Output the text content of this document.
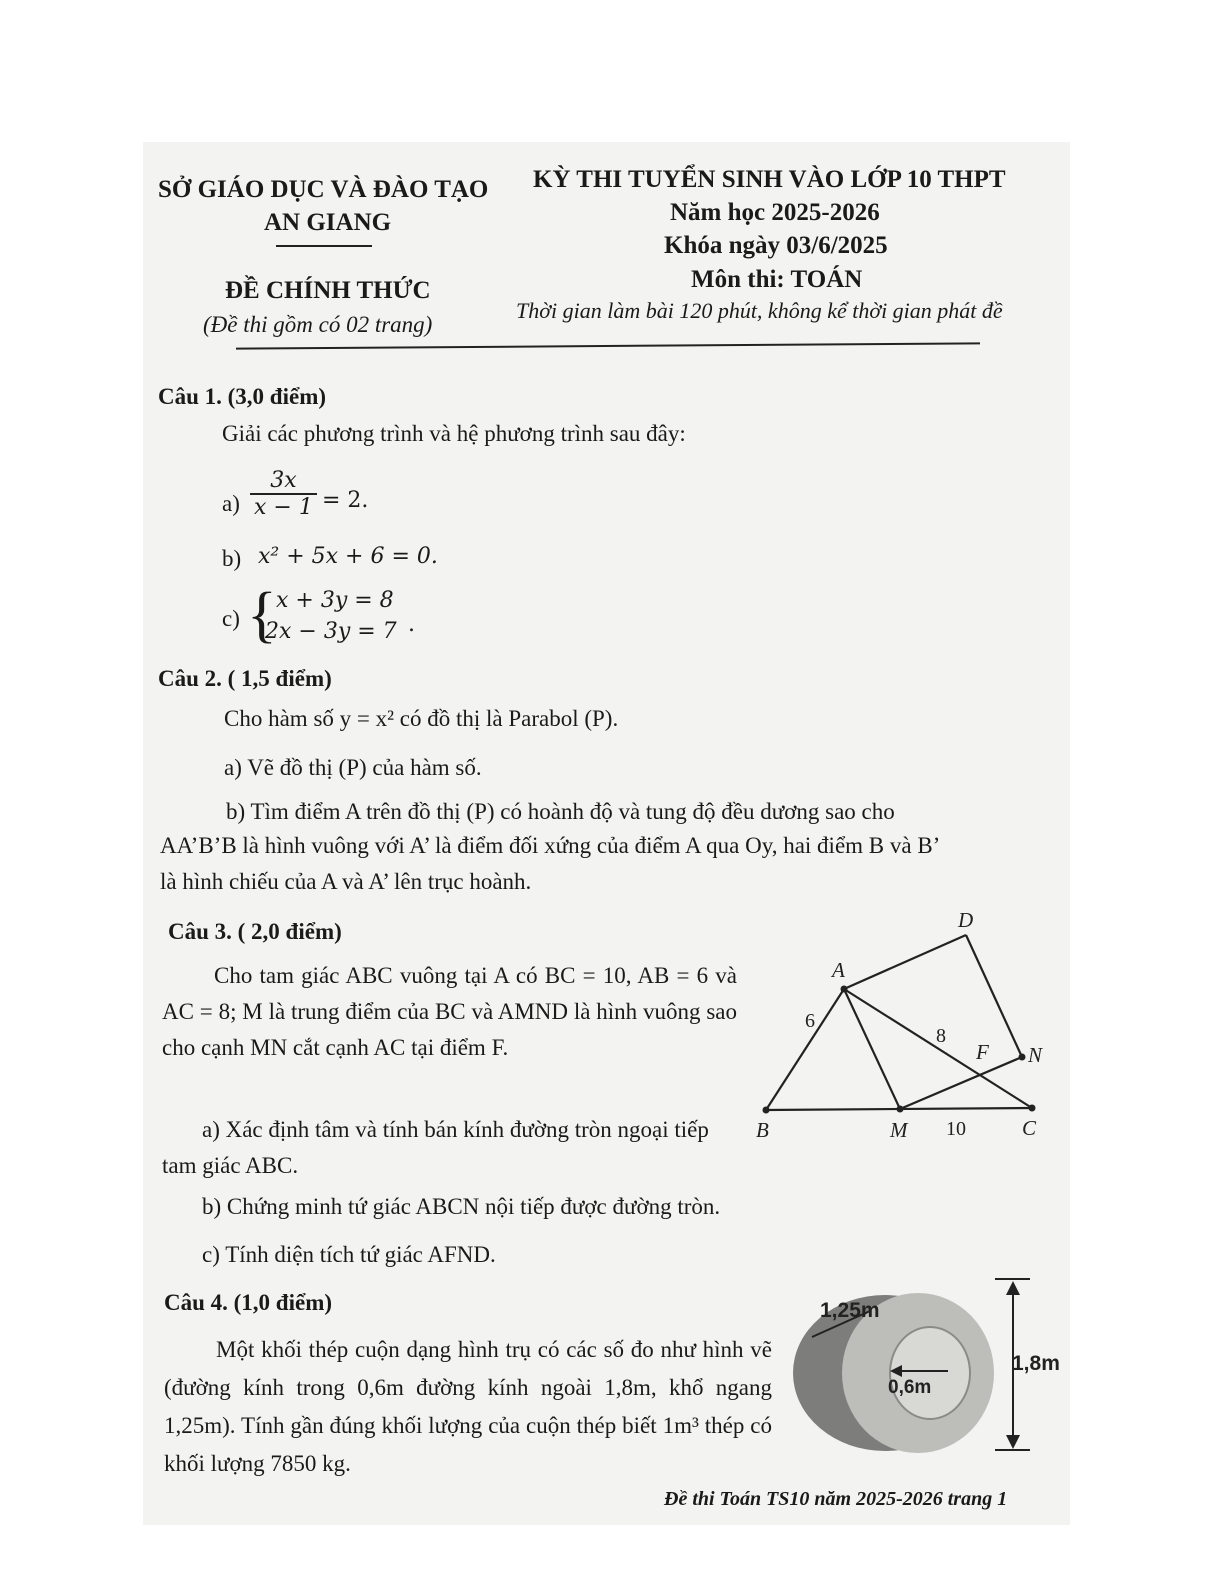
SỞ GIÁO DỤC VÀ ĐÀO TẠO
AN GIANG
ĐỀ CHÍNH THỨC
(Đề thi gồm có 02 trang)
KỲ THI TUYỂN SINH VÀO LỚP 10 THPT
Năm học 2025-2026
Khóa ngày 03/6/2025
Môn thi: TOÁN
Thời gian làm bài 120 phút, không kể thời gian phát đề
Câu 1. (3,0 điểm)
Giải các phương trình và hệ phương trình sau đây:
$a) \frac{3x}{x - 1} = 2$.
b) x² + 5x + 6 = 0.
c) { x + 3y = 8
2x − 3y = 7 .
Câu 2. ( 1,5 điểm)
Cho hàm số y = x² có đồ thị là Parabol (P).
a) Vẽ đồ thị (P) của hàm số.
b) Tìm điểm A trên đồ thị (P) có hoành độ và tung độ đều dương sao cho
AA’B’B là hình vuông với A’ là điểm đối xứng của điểm A qua Oy, hai điểm B và B’
là hình chiếu của A và A’ lên trục hoành.
Câu 3. ( 2,0 điểm)
Cho tam giác ABC vuông tại A có BC = 10, AB = 6 và AC = 8; M là trung điểm của BC và AMND là hình vuông sao cho cạnh MN cắt cạnh AC tại điểm F.
a) Xác định tâm và tính bán kính đường tròn ngoại tiếp tam giác ABC.
b) Chứng minh tứ giác ABCN nội tiếp được đường tròn.
c) Tính diện tích tứ giác AFND.
A
B	C
D
M
N
F
6
8
10
Câu 4. (1,0 điểm)
Một khối thép cuộn dạng hình trụ có các số đo như hình vẽ (đường kính trong 0,6m đường kính ngoài 1,8m, khổ ngang 1,25m). Tính gần đúng khối lượng của cuộn thép biết 1m³ thép có khối lượng 7850 kg.
1,25m
0,6m
1,8m
Đề thi Toán TS10 năm 2025-2026 trang 1
